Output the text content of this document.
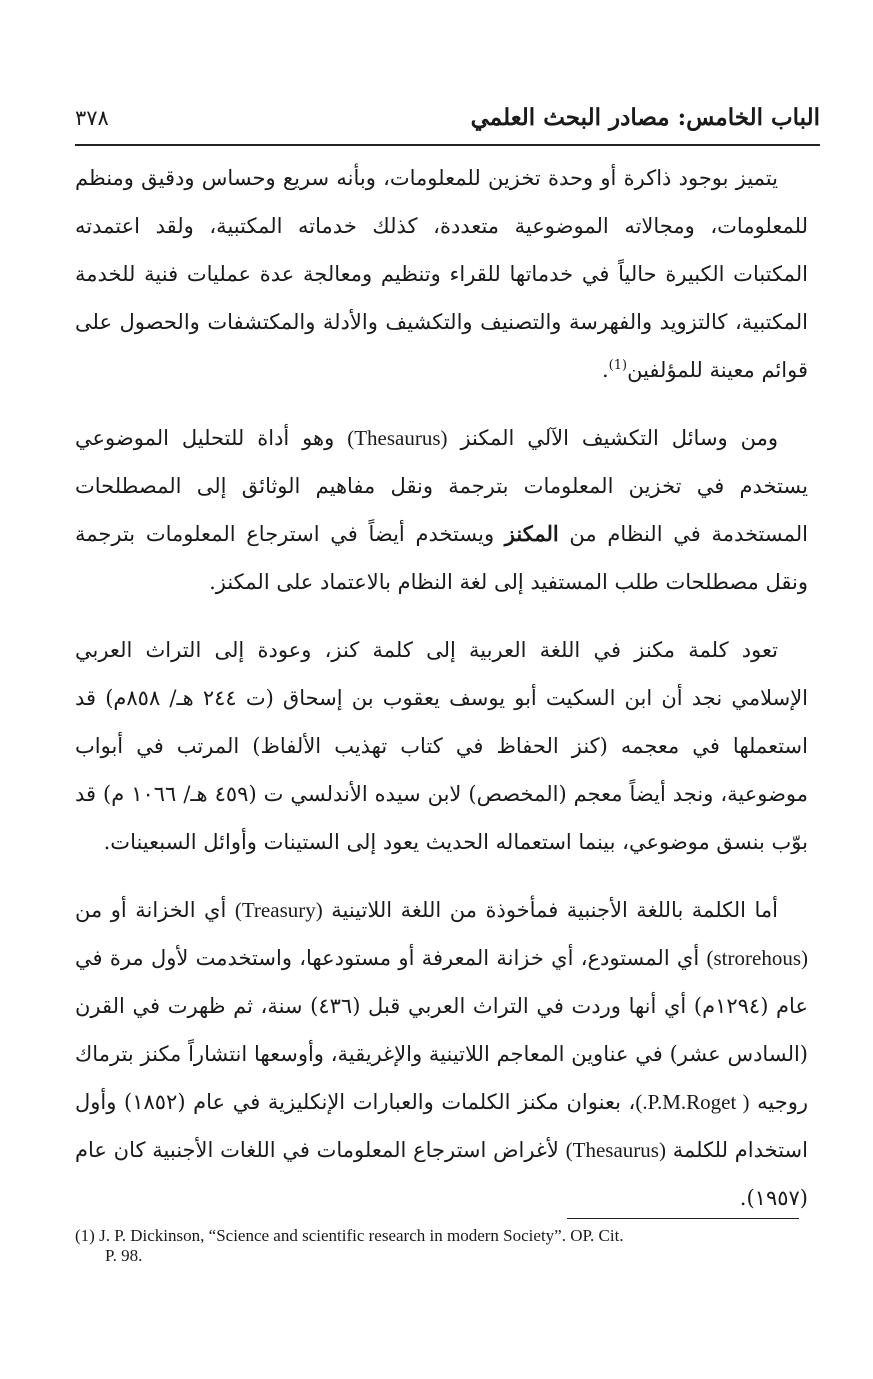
الباب الخامس: مصادر البحث العلمي
٣٧٨

يتميز بوجود ذاكرة أو وحدة تخزين للمعلومات، وبأنه سريع وحساس ودقيق ومنظم للمعلومات، ومجالاته الموضوعية متعددة، كذلك خدماته المكتبية، ولقد اعتمدته المكتبات الكبيرة حالياً في خدماتها للقراء وتنظيم ومعالجة عدة عمليات فنية للخدمة المكتبية، كالتزويد والفهرسة والتصنيف والتكشيف والأدلة والمكتشفات والحصول على قوائم معينة للمؤلفين$^{(1)}$.

ومن وسائل التكشيف الآلي المكنز (Thesaurus) وهو أداة للتحليل الموضوعي يستخدم في تخزين المعلومات بترجمة ونقل مفاهيم الوثائق إلى المصطلحات المستخدمة في النظام من المكنز ويستخدم أيضاً في استرجاع المعلومات بترجمة ونقل مصطلحات طلب المستفيد إلى لغة النظام بالاعتماد على المكنز.

تعود كلمة مكنز في اللغة العربية إلى كلمة كنز، وعودة إلى التراث العربي الإسلامي نجد أن ابن السكيت أبو يوسف يعقوب بن إسحاق (ت ٢٤٤ هـ/ ٨٥٨م) قد استعملها في معجمه (كنز الحفاظ في كتاب تهذيب الألفاظ) المرتب في أبواب موضوعية، ونجد أيضاً معجم (المخصص) لابن سيده الأندلسي ت (٤٥٩ هـ/ ١٠٦٦ م) قد بوّب بنسق موضوعي، بينما استعماله الحديث يعود إلى الستينات وأوائل السبعينات.

أما الكلمة باللغة الأجنبية فمأخوذة من اللغة اللاتينية (Treasury) أي الخزانة أو من (strorehous) أي المستودع، أي خزانة المعرفة أو مستودعها، واستخدمت لأول مرة في عام (١٢٩٤م) أي أنها وردت في التراث العربي قبل (٤٣٦) سنة، ثم ظهرت في القرن (السادس عشر) في عناوين المعاجم اللاتينية والإغريقية، وأوسعها انتشاراً مكنز بترماك روجيه ( P.M.Roget.)، بعنوان مكنز الكلمات والعبارات الإنكليزية في عام (١٨٥٢) وأول استخدام للكلمة (Thesaurus) لأغراض استرجاع المعلومات في اللغات الأجنبية كان عام (١٩٥٧).

(1) J. P. Dickinson, “Science and scientific research in modern Society”. OP. Cit.
P. 98.
